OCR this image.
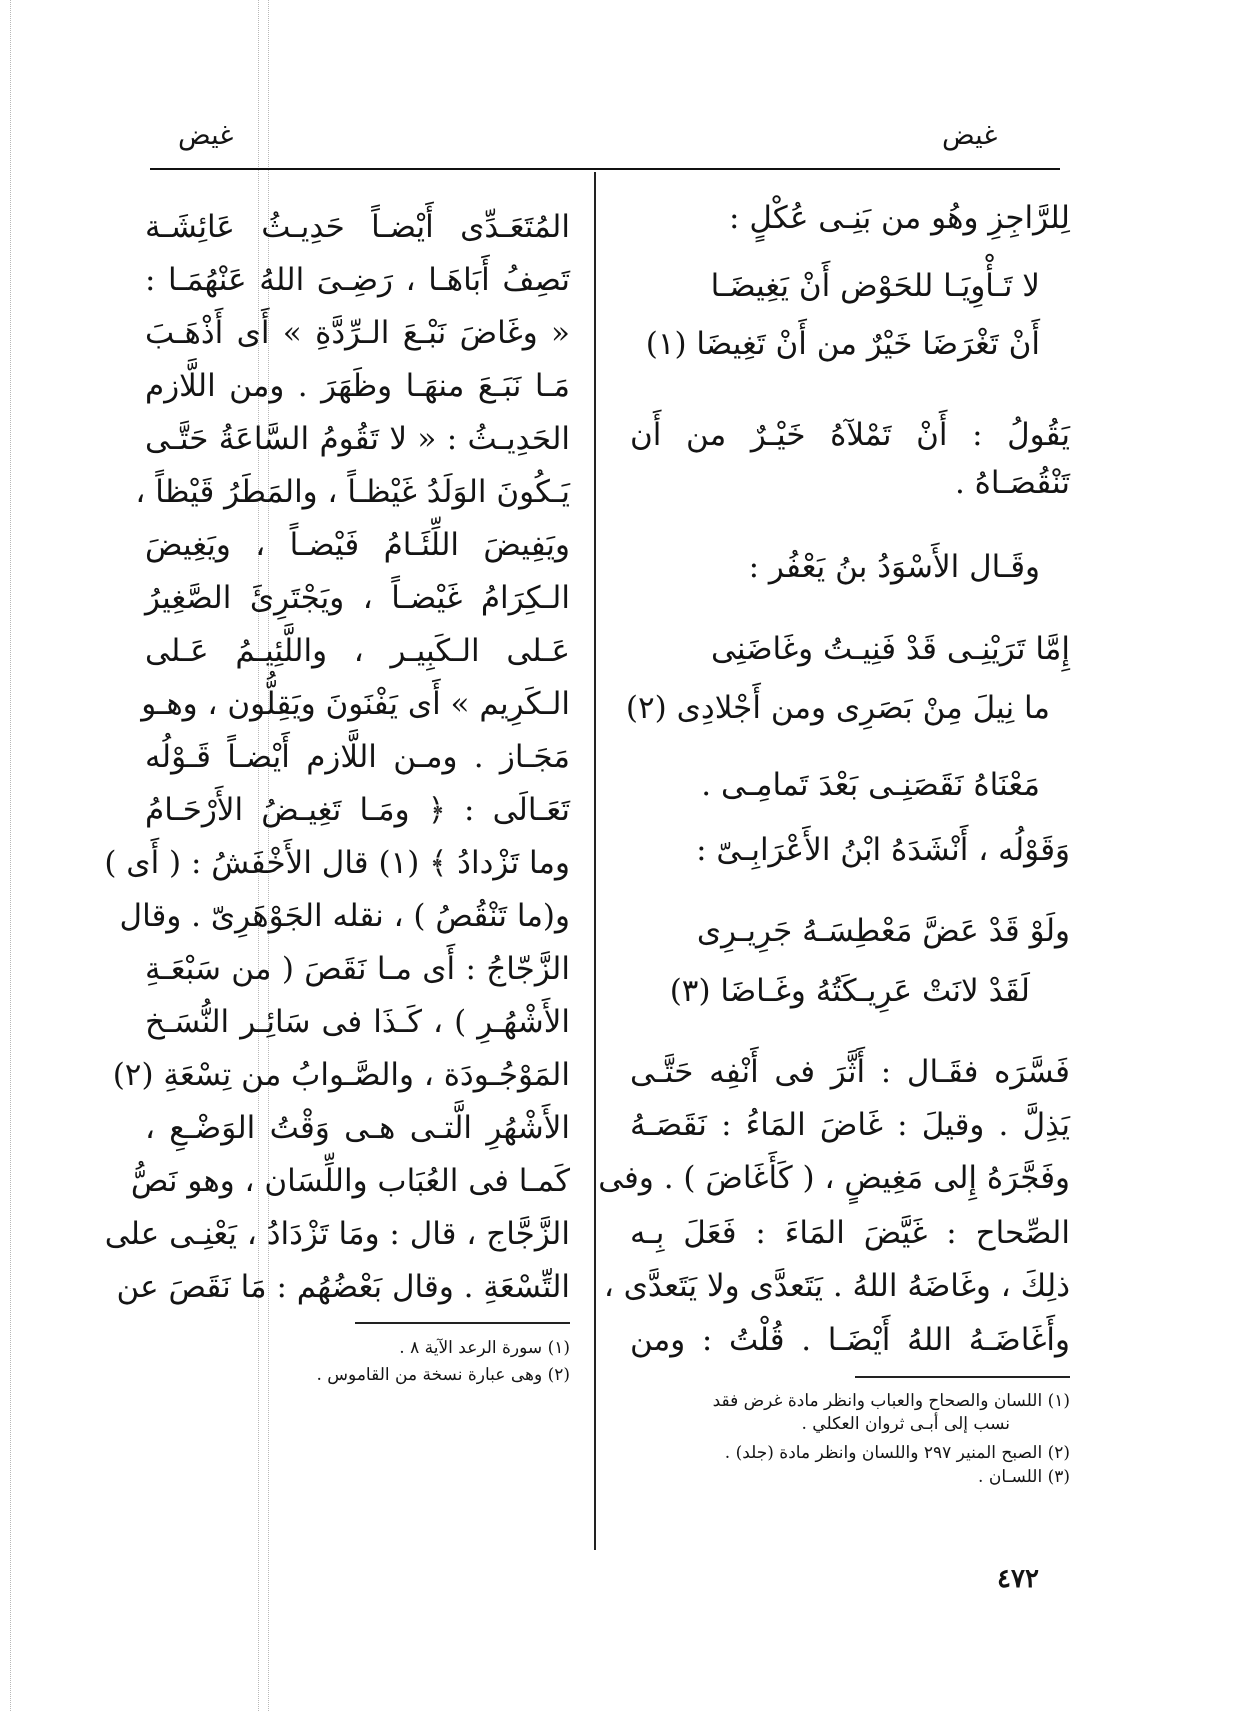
غيض
غيض
لِلرَّاجِزِ وهُو من بَنِـى عُكْلٍ :
لا تَـأْوِيَـا للحَوْض أَنْ يَغِيضَـا
أَنْ تَغْرَضَا خَيْرٌ من أَنْ تَغِيضَا (١)
يَقُولُ : أَنْ تَمْلآهُ خَيْـرٌ من أَن
تَنْقُصَـاهُ .
وقَـال الأَسْوَدُ بنُ يَعْفُر :
إِمَّا تَرَيْنِـى قَدْ فَنِيـتُ وغَاضَنِى
ما نِيلَ مِنْ بَصَرِى ومن أَجْلادِى (٢)
مَعْنَاهُ نَقَصَنِـى بَعْدَ تَمامِـى .
وَقَوْلُه ، أَنْشَدَهُ ابْنُ الأَعْرَابِـىّ :
ولَوْ قَدْ عَضَّ مَعْطِسَـهُ جَرِيـرِى
لَقَدْ لانَتْ عَرِيـكَتُهُ وغَـاضَا (٣)
فَسَّرَه فقَـال : أَثَّرَ فى أَنْفِه حَتَّـى
يَذِلَّ . وقيلَ : غَاضَ المَاءُ : نَقَصَـهُ
وفَجَّرَهُ إِلى مَغِيضٍ ، ( كَأَغَاضَ ) . وفى
الصِّحاح : غَيَّضَ المَاءَ : فَعَلَ بِـه
ذلِكَ ، وغَاضَهُ اللهُ . يَتَعدَّى ولا يَتَعدَّى ،
وأَغَاضَـهُ اللهُ أَيْضَـا . قُلْتُ : ومن
(١) اللسان والصحاح والعباب وانظر مادة غرض فقد
نسب إلى أبـى ثروان العكلي .
(٢) الصبح المنير ٢٩٧ واللسان وانظر مادة (جلد) .
(٣) اللسـان .
المُتَعَـدِّى أَيْضـاً حَدِيـثُ عَائِشَـة
تَصِفُ أَبَاهَـا ، رَضِـىَ اللهُ عَنْهُمَـا :
« وغَاضَ نَبْـعَ الـرِّدَّةِ » أَى أَذْهَـبَ
مَـا نَبَـعَ منهَـا وظَهَرَ . ومن اللَّازم
الحَدِيـثُ : « لا تَقُومُ السَّاعَةُ حَتَّـى
يَـكُونَ الوَلَدُ غَيْظـاً ، والمَطَرُ قَيْظاً ،
ويَفِيضَ اللِّئَـامُ فَيْضـاً ، ويَغِيضَ
الـكِرَامُ غَيْضـاً ، ويَجْتَرِئَ الصَّغِيرُ
عَـلى الـكَبِيـر ، واللَّئِيـمُ عَـلى
الـكَرِيم » أَى يَفْنَونَ ويَقِلُّون ، وهـو
مَجَـاز . ومـن اللَّازم أَيْضـاً قَـوْلُه
تَعَـالَى : ﴿ ومَـا تَغِيـضُ الأَرْحَـامُ
وما تَزْدادُ ﴾ (١) قال الأَخْفَشُ : ( أَى )
و(ما تَنْقُصُ ) ، نقله الجَوْهَرِىّ . وقال
الزَّجّاجُ : أَى مـا نَقَصَ ( من سَبْعَـةِ
الأَشْهُـرِ ) ، كَـذَا فى سَائِـر النُّسَـخ
المَوْجُـودَة ، والصَّـوابُ من تِسْعَةِ (٢)
الأَشْهُرِ الَّتـى هـى وَقْتُ الوَضْـعِ ،
كَمـا فى العُبَاب واللِّسَان ، وهو نَصُّ
الزَّجَّاج ، قال : ومَا تَزْدَادُ ، يَعْنِـى على
التِّسْعَةِ . وقال بَعْضُهُم : مَا نَقَصَ عن
(١) سورة الرعد الآية ٨ .
(٢) وهى عبارة نسخة من القاموس .
٤٧٢
